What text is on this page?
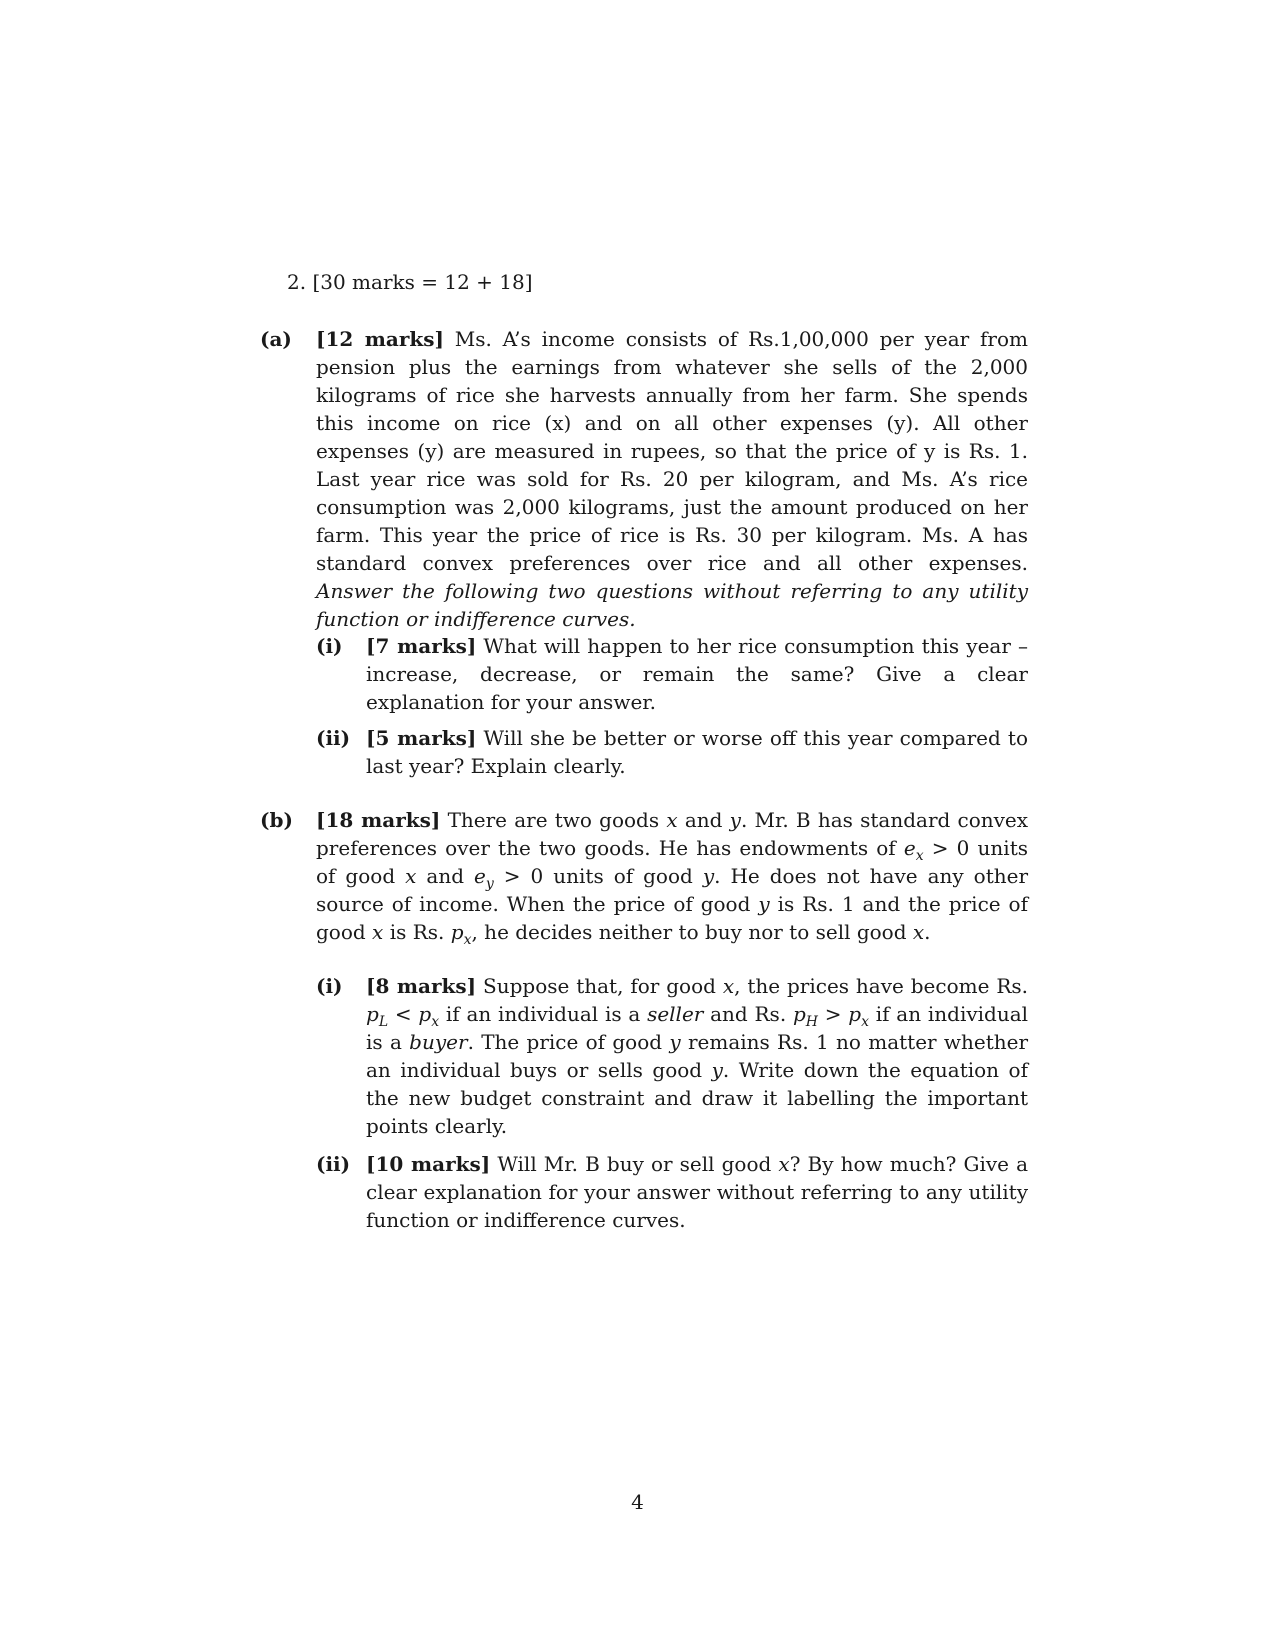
2. [30 marks = 12 + 18]
(a) [12 marks] Ms. A’s income consists of Rs.1,00,000 per year from pension plus the earnings from whatever she sells of the 2,000 kilograms of rice she harvests annually from her farm. She spends this income on rice (x) and on all other expenses (y). All other expenses (y) are measured in rupees, so that the price of y is Rs. 1. Last year rice was sold for Rs. 20 per kilogram, and Ms. A’s rice consumption was 2,000 kilograms, just the amount produced on her farm. This year the price of rice is Rs. 30 per kilogram. Ms. A has standard convex preferences over rice and all other expenses. Answer the following two questions without referring to any utility function or indifference curves.
(i) [7 marks] What will happen to her rice consumption this year – increase, decrease, or remain the same? Give a clear explanation for your answer.
(ii) [5 marks] Will she be better or worse off this year compared to last year? Explain clearly.
(b) [18 marks] There are two goods x and y. Mr. B has standard convex preferences over the two goods. He has endowments of $e_x > 0$ units of good x and $e_y > 0$ units of good y. He does not have any other source of income. When the price of good y is Rs. 1 and the price of good x is Rs. $p_x$, he decides neither to buy nor to sell good x.
(i) [8 marks] Suppose that, for good x, the prices have become Rs. $p_L < p_x$ if an individual is a seller and Rs. $p_H > p_x$ if an individual is a buyer. The price of good y remains Rs. 1 no matter whether an individual buys or sells good y. Write down the equation of the new budget constraint and draw it labelling the important points clearly.
(ii) [10 marks] Will Mr. B buy or sell good x? By how much? Give a clear explanation for your answer without referring to any utility function or indifference curves.
4
